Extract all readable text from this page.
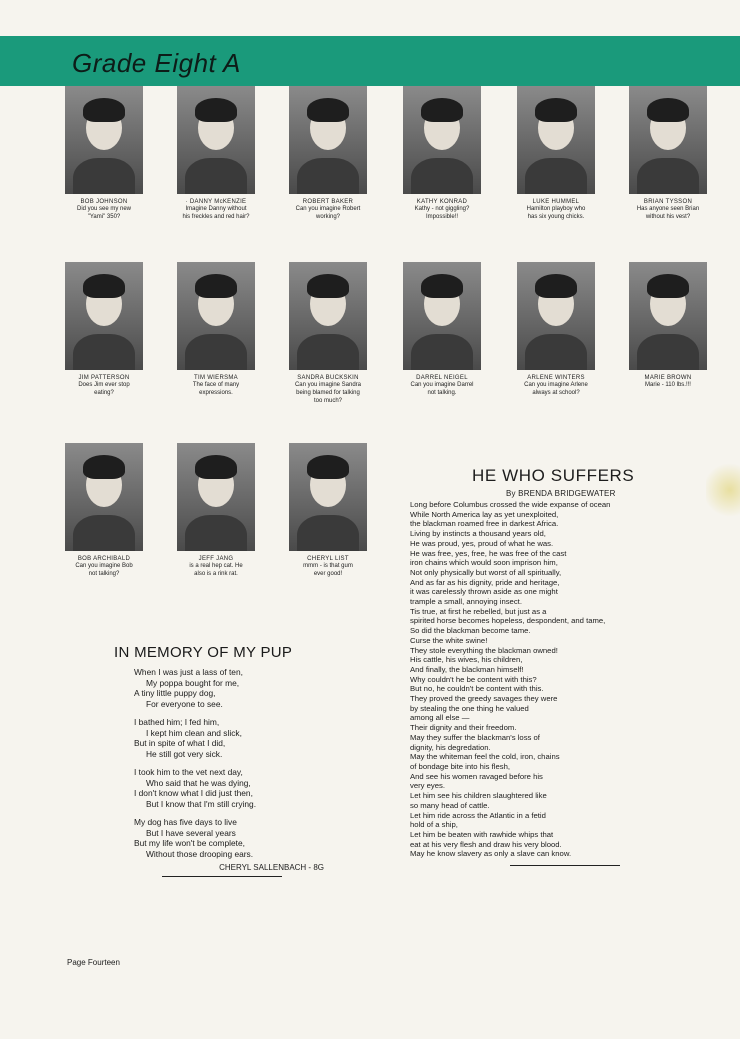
Grade Eight A
BOB JOHNSON
Did you see my new
"Yami" 350?
· DANNY McKENZIE
Imagine Danny without
his freckles and red hair?
ROBERT BAKER
Can you imagine Robert
working?
KATHY KONRAD
Kathy - not giggling?
Impossible!!
LUKE HUMMEL
Hamilton playboy who
has six young chicks.
BRIAN TYSSON
Has anyone seen Brian
without his vest?
JIM PATTERSON
Does Jim ever stop
eating?
TIM WIERSMA
The face of many
expressions.
SANDRA BUCKSKIN
Can you imagine Sandra
being blamed for talking
too much?
DARREL NEIGEL
Can you imagine Darrel
not talking.
ARLENE WINTERS
Can you imagine Arlene
always at school?
MARIE BROWN
Marie - 110 lbs.!!!
BOB ARCHIBALD
Can you imagine Bob
not talking?
JEFF JANG
is a real hep cat. He
also is a rink rat.
CHERYL LIST
mmm - is that gum
ever good!
IN MEMORY OF MY PUP
When I was just a lass of ten,
My poppa bought for me,
A tiny little puppy dog,
For everyone to see.
I bathed him; I fed him,
I kept him clean and slick,
But in spite of what I did,
He still got very sick.
I took him to the vet next day,
Who said that he was dying,
I don't know what I did just then,
But I know that I'm still crying.
My dog has five days to live
But I have several years
But my life won't be complete,
Without those drooping ears.
CHERYL SALLENBACH - 8G
HE WHO SUFFERS
By BRENDA BRIDGEWATER
Long before Columbus crossed the wide expanse of ocean
While North America lay as yet unexploited,
the blackman roamed free in darkest Africa.
Living by instincts a thousand years old,
He was proud, yes, proud of what he was.
He was free, yes, free, he was free of the cast
iron chains which would soon imprison him,
Not only physically but worst of all spiritually,
And as far as his dignity, pride and heritage,
it was carelessly thrown aside as one might
trample a small, annoying insect.
Tis true, at first he rebelled, but just as a
spirited horse becomes hopeless, despondent, and tame,
So did the blackman become tame.
Curse the white swine!
They stole everything the blackman owned!
His cattle, his wives, his children,
And finally, the blackman himself!
Why couldn't he be content with this?
But no, he couldn't be content with this.
They proved the greedy savages they were
by stealing the one thing he valued
among all else —
Their dignity and their freedom.
May they suffer the blackman's loss of
dignity, his degredation.
May the whiteman feel the cold, iron, chains
of bondage bite into his flesh,
And see his women ravaged before his
very eyes.
Let him see his children slaughtered like
so many head of cattle.
Let him ride across the Atlantic in a fetid
hold of a ship,
Let him be beaten with rawhide whips that
eat at his very flesh and draw his very blood.
May he know slavery as only a slave can know.
Page Fourteen
